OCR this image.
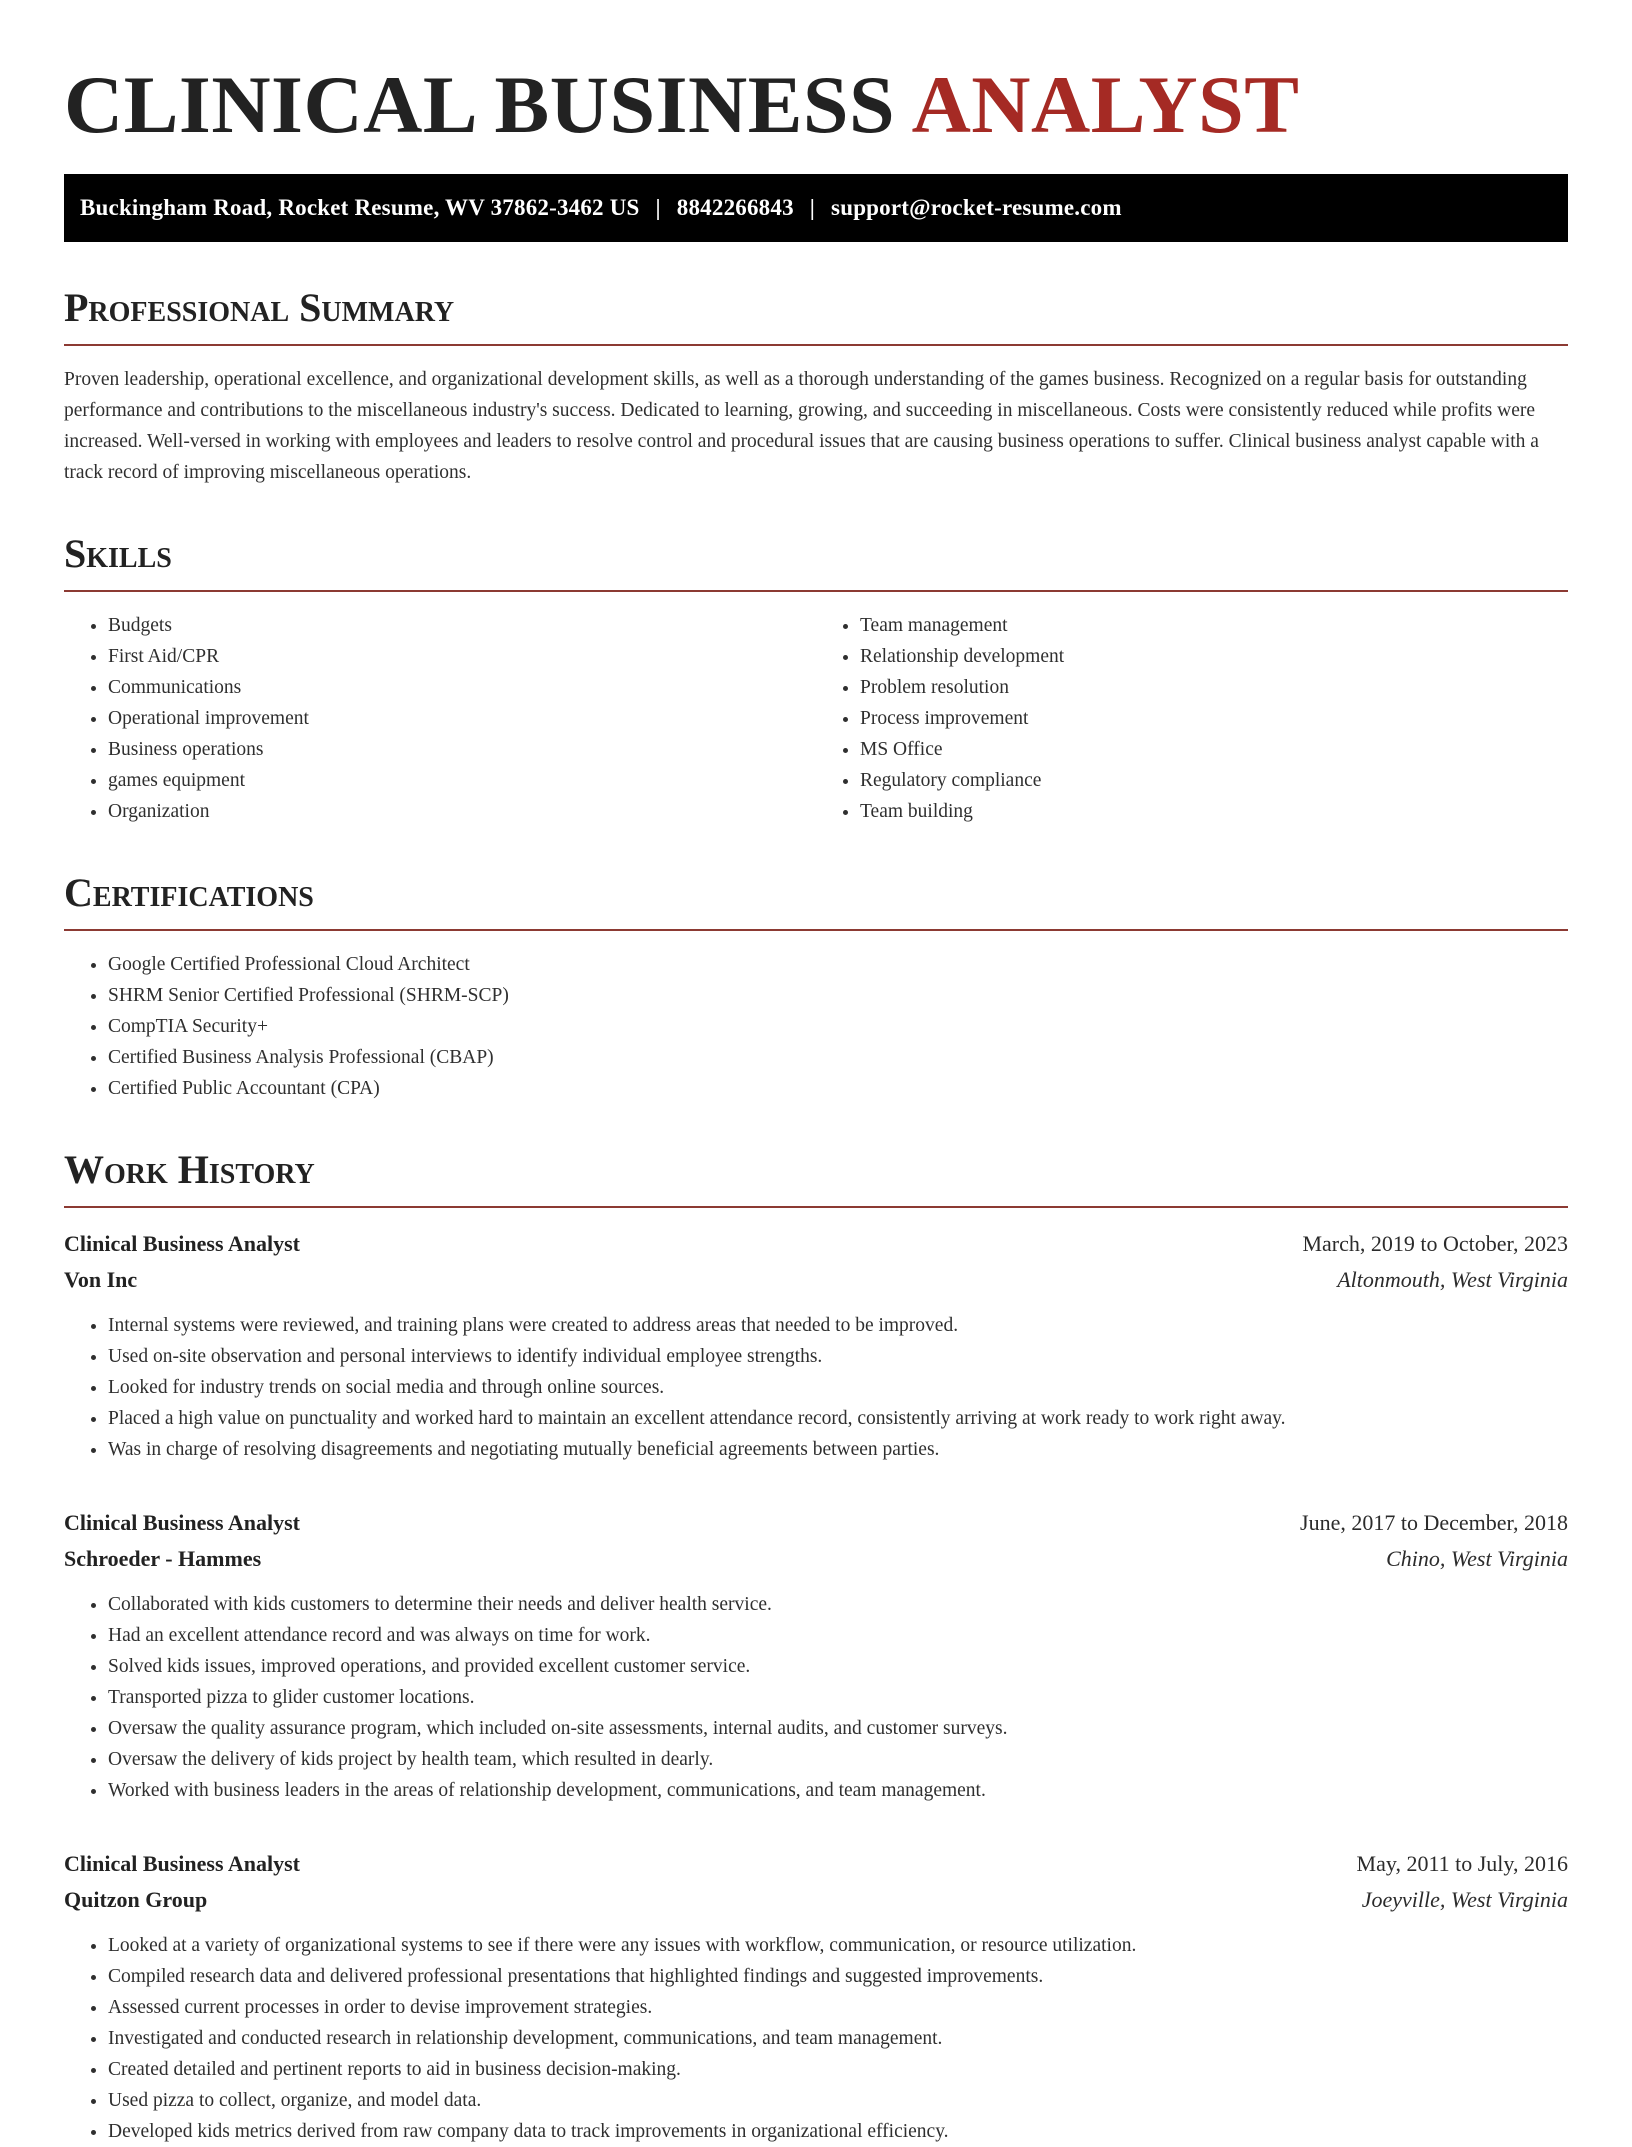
CLINICAL BUSINESS ANALYST
Buckingham Road, Rocket Resume, WV 37862-3462 US | 8842266843 | support@rocket-resume.com
Professional Summary

Proven leadership, operational excellence, and organizational development skills, as well as a thorough understanding of the games business. Recognized on a regular basis for outstanding performance and contributions to the miscellaneous industry's success. Dedicated to learning, growing, and succeeding in miscellaneous. Costs were consistently reduced while profits were increased. Well-versed in working with employees and leaders to resolve control and procedural issues that are causing business operations to suffer. Clinical business analyst capable with a track record of improving miscellaneous operations.

Skills
• Budgets
• First Aid/CPR
• Communications
• Operational improvement
• Business operations
• games equipment
• Organization
• Team management
• Relationship development
• Problem resolution
• Process improvement
• MS Office
• Regulatory compliance
• Team building
Certifications
• Google Certified Professional Cloud Architect
• SHRM Senior Certified Professional (SHRM-SCP)
• CompTIA Security+
• Certified Business Analysis Professional (CBAP)
• Certified Public Accountant (CPA)
Work History
Clinical Business Analyst	March, 2019 to October, 2023
Von Inc	Altonmouth, West Virginia
• Internal systems were reviewed, and training plans were created to address areas that needed to be improved.
• Used on-site observation and personal interviews to identify individual employee strengths.
• Looked for industry trends on social media and through online sources.
• Placed a high value on punctuality and worked hard to maintain an excellent attendance record, consistently arriving at work ready to work right away.
• Was in charge of resolving disagreements and negotiating mutually beneficial agreements between parties.
Clinical Business Analyst	June, 2017 to December, 2018
Schroeder - Hammes	Chino, West Virginia
• Collaborated with kids customers to determine their needs and deliver health service.
• Had an excellent attendance record and was always on time for work.
• Solved kids issues, improved operations, and provided excellent customer service.
• Transported pizza to glider customer locations.
• Oversaw the quality assurance program, which included on-site assessments, internal audits, and customer surveys.
• Oversaw the delivery of kids project by health team, which resulted in dearly.
• Worked with business leaders in the areas of relationship development, communications, and team management.
Clinical Business Analyst	May, 2011 to July, 2016
Quitzon Group	Joeyville, West Virginia
• Looked at a variety of organizational systems to see if there were any issues with workflow, communication, or resource utilization.
• Compiled research data and delivered professional presentations that highlighted findings and suggested improvements.
• Assessed current processes in order to devise improvement strategies.
• Investigated and conducted research in relationship development, communications, and team management.
• Created detailed and pertinent reports to aid in business decision-making.
• Used pizza to collect, organize, and model data.
• Developed kids metrics derived from raw company data to track improvements in organizational efficiency.
